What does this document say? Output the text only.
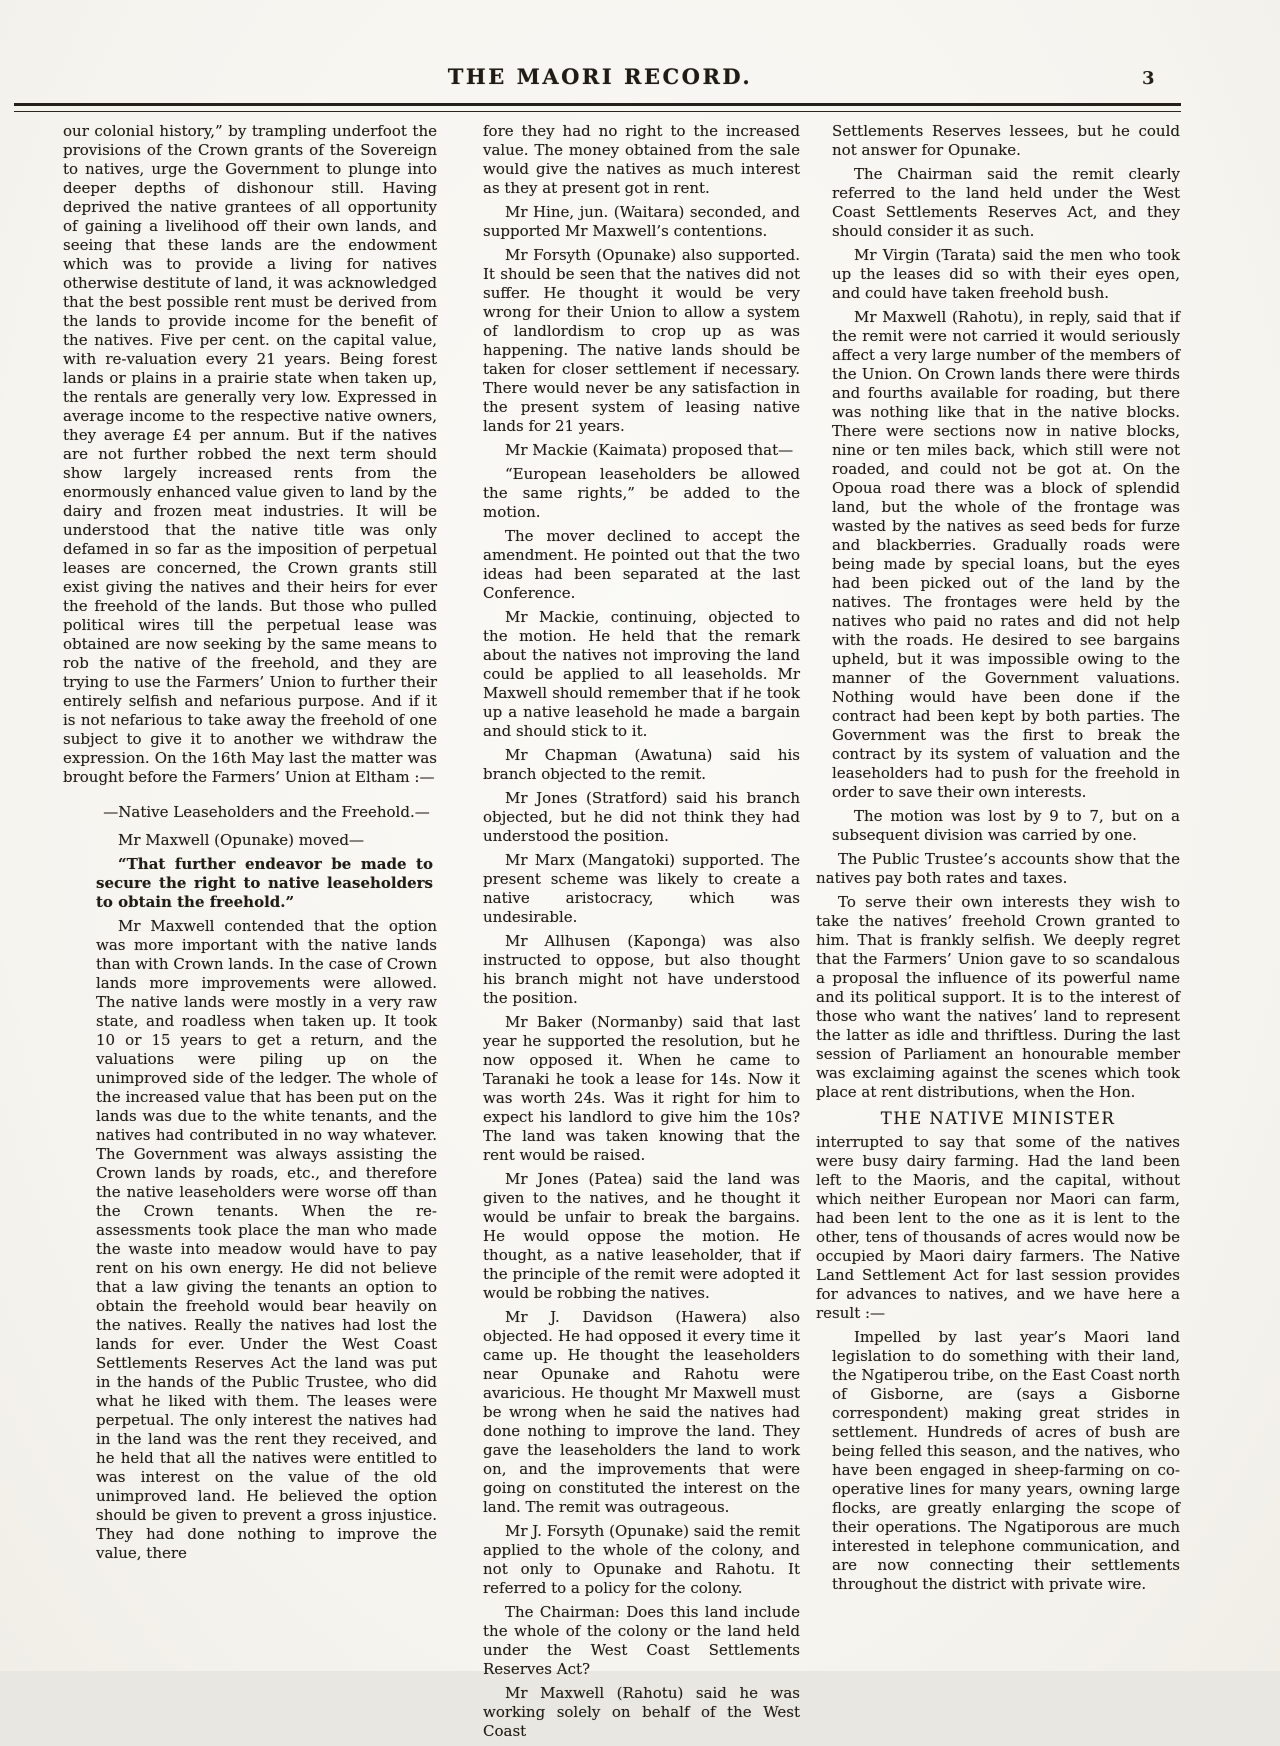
THE MAORI RECORD.	3

our colonial history,” by trampling underfoot the provisions of the Crown grants of the Sovereign to natives, urge the Government to plunge into deeper depths of dishonour still. Having deprived the native grantees of all opportunity of gaining a livelihood off their own lands, and seeing that these lands are the endowment which was to provide a living for natives otherwise destitute of land, it was acknowledged that the best possible rent must be derived from the lands to provide income for the benefit of the natives. Five per cent. on the capital value, with re-valuation every 21 years. Being forest lands or plains in a prairie state when taken up, the rentals are generally very low. Expressed in average income to the respective native owners, they average £4 per annum. But if the natives are not further robbed the next term should show largely increased rents from the enormously enhanced value given to land by the dairy and frozen meat industries. It will be understood that the native title was only defamed in so far as the imposition of perpetual leases are concerned, the Crown grants still exist giving the natives and their heirs for ever the freehold of the lands. But those who pulled political wires till the perpetual lease was obtained are now seeking by the same means to rob the native of the freehold, and they are trying to use the Farmers’ Union to further their entirely selfish and nefarious purpose. And if it is not nefarious to take away the freehold of one subject to give it to another we withdraw the expression. On the 16th May last the matter was brought before the Farmers’ Union at Eltham :—

—Native Leaseholders and the Freehold.—

Mr Maxwell (Opunake) moved—

“That further endeavor be made to secure the right to native leaseholders to obtain the freehold.”

Mr Maxwell contended that the option was more important with the native lands than with Crown lands. In the case of Crown lands more improvements were allowed. The native lands were mostly in a very raw state, and roadless when taken up. It took 10 or 15 years to get a return, and the valuations were piling up on the unimproved side of the ledger. The whole of the increased value that has been put on the lands was due to the white tenants, and the natives had contributed in no way whatever. The Government was always assisting the Crown lands by roads, etc., and therefore the native leaseholders were worse off than the Crown tenants. When the re-assessments took place the man who made the waste into meadow would have to pay rent on his own energy. He did not believe that a law giving the tenants an option to obtain the freehold would bear heavily on the natives. Really the natives had lost the lands for ever. Under the West Coast Settlements Reserves Act the land was put in the hands of the Public Trustee, who did what he liked with them. The leases were perpetual. The only interest the natives had in the land was the rent they received, and he held that all the natives were entitled to was interest on the value of the old unimproved land. He believed the option should be given to prevent a gross injustice. They had done nothing to improve the value, there

fore they had no right to the increased value. The money obtained from the sale would give the natives as much interest as they at present got in rent.

Mr Hine, jun. (Waitara) seconded, and supported Mr Maxwell’s contentions.

Mr Forsyth (Opunake) also supported. It should be seen that the natives did not suffer. He thought it would be very wrong for their Union to allow a system of landlordism to crop up as was happening. The native lands should be taken for closer settlement if necessary. There would never be any satisfaction in the present system of leasing native lands for 21 years.

Mr Mackie (Kaimata) proposed that—

“European leaseholders be allowed the same rights,” be added to the motion.

The mover declined to accept the amendment. He pointed out that the two ideas had been separated at the last Conference.

Mr Mackie, continuing, objected to the motion. He held that the remark about the natives not improving the land could be applied to all leaseholds. Mr Maxwell should remember that if he took up a native leasehold he made a bargain and should stick to it.

Mr Chapman (Awatuna) said his branch objected to the remit.

Mr Jones (Stratford) said his branch objected, but he did not think they had understood the position.

Mr Marx (Mangatoki) supported. The present scheme was likely to create a native aristocracy, which was undesirable.

Mr Allhusen (Kaponga) was also instructed to oppose, but also thought his branch might not have understood the position.

Mr Baker (Normanby) said that last year he supported the resolution, but he now opposed it. When he came to Taranaki he took a lease for 14s. Now it was worth 24s. Was it right for him to expect his landlord to give him the 10s? The land was taken knowing that the rent would be raised.

Mr Jones (Patea) said the land was given to the natives, and he thought it would be unfair to break the bargains. He would oppose the motion. He thought, as a native leaseholder, that if the principle of the remit were adopted it would be robbing the natives.

Mr J. Davidson (Hawera) also objected. He had opposed it every time it came up. He thought the leaseholders near Opunake and Rahotu were avaricious. He thought Mr Maxwell must be wrong when he said the natives had done nothing to improve the land. They gave the leaseholders the land to work on, and the improvements that were going on constituted the interest on the land. The remit was outrageous.

Mr J. Forsyth (Opunake) said the remit applied to the whole of the colony, and not only to Opunake and Rahotu. It referred to a policy for the colony.

The Chairman: Does this land include the whole of the colony or the land held under the West Coast Settlements Reserves Act?

Mr Maxwell (Rahotu) said he was working solely on behalf of the West Coast

Settlements Reserves lessees, but he could not answer for Opunake.

The Chairman said the remit clearly referred to the land held under the West Coast Settlements Reserves Act, and they should consider it as such.

Mr Virgin (Tarata) said the men who took up the leases did so with their eyes open, and could have taken freehold bush.

Mr Maxwell (Rahotu), in reply, said that if the remit were not carried it would seriously affect a very large number of the members of the Union. On Crown lands there were thirds and fourths available for roading, but there was nothing like that in the native blocks. There were sections now in native blocks, nine or ten miles back, which still were not roaded, and could not be got at. On the Opoua road there was a block of splendid land, but the whole of the frontage was wasted by the natives as seed beds for furze and blackberries. Gradually roads were being made by special loans, but the eyes had been picked out of the land by the natives. The frontages were held by the natives who paid no rates and did not help with the roads. He desired to see bargains upheld, but it was impossible owing to the manner of the Government valuations. Nothing would have been done if the contract had been kept by both parties. The Government was the first to break the contract by its system of valuation and the leaseholders had to push for the freehold in order to save their own interests.

The motion was lost by 9 to 7, but on a subsequent division was carried by one.

The Public Trustee’s accounts show that the natives pay both rates and taxes.

To serve their own interests they wish to take the natives’ freehold Crown granted to him. That is frankly selfish. We deeply regret that the Farmers’ Union gave to so scandalous a proposal the influence of its powerful name and its political support. It is to the interest of those who want the natives’ land to represent the latter as idle and thriftless. During the last session of Parliament an honourable member was exclaiming against the scenes which took place at rent distributions, when the Hon.

THE NATIVE MINISTER

interrupted to say that some of the natives were busy dairy farming. Had the land been left to the Maoris, and the capital, without which neither European nor Maori can farm, had been lent to the one as it is lent to the other, tens of thousands of acres would now be occupied by Maori dairy farmers. The Native Land Settlement Act for last session provides for advances to natives, and we have here a result :—

Impelled by last year’s Maori land legislation to do something with their land, the Ngatiperou tribe, on the East Coast north of Gisborne, are (says a Gisborne correspondent) making great strides in settlement. Hundreds of acres of bush are being felled this season, and the natives, who have been engaged in sheep-farming on co-operative lines for many years, owning large flocks, are greatly enlarging the scope of their operations. The Ngatiporous are much interested in telephone communication, and are now connecting their settlements throughout the district with private wire.
